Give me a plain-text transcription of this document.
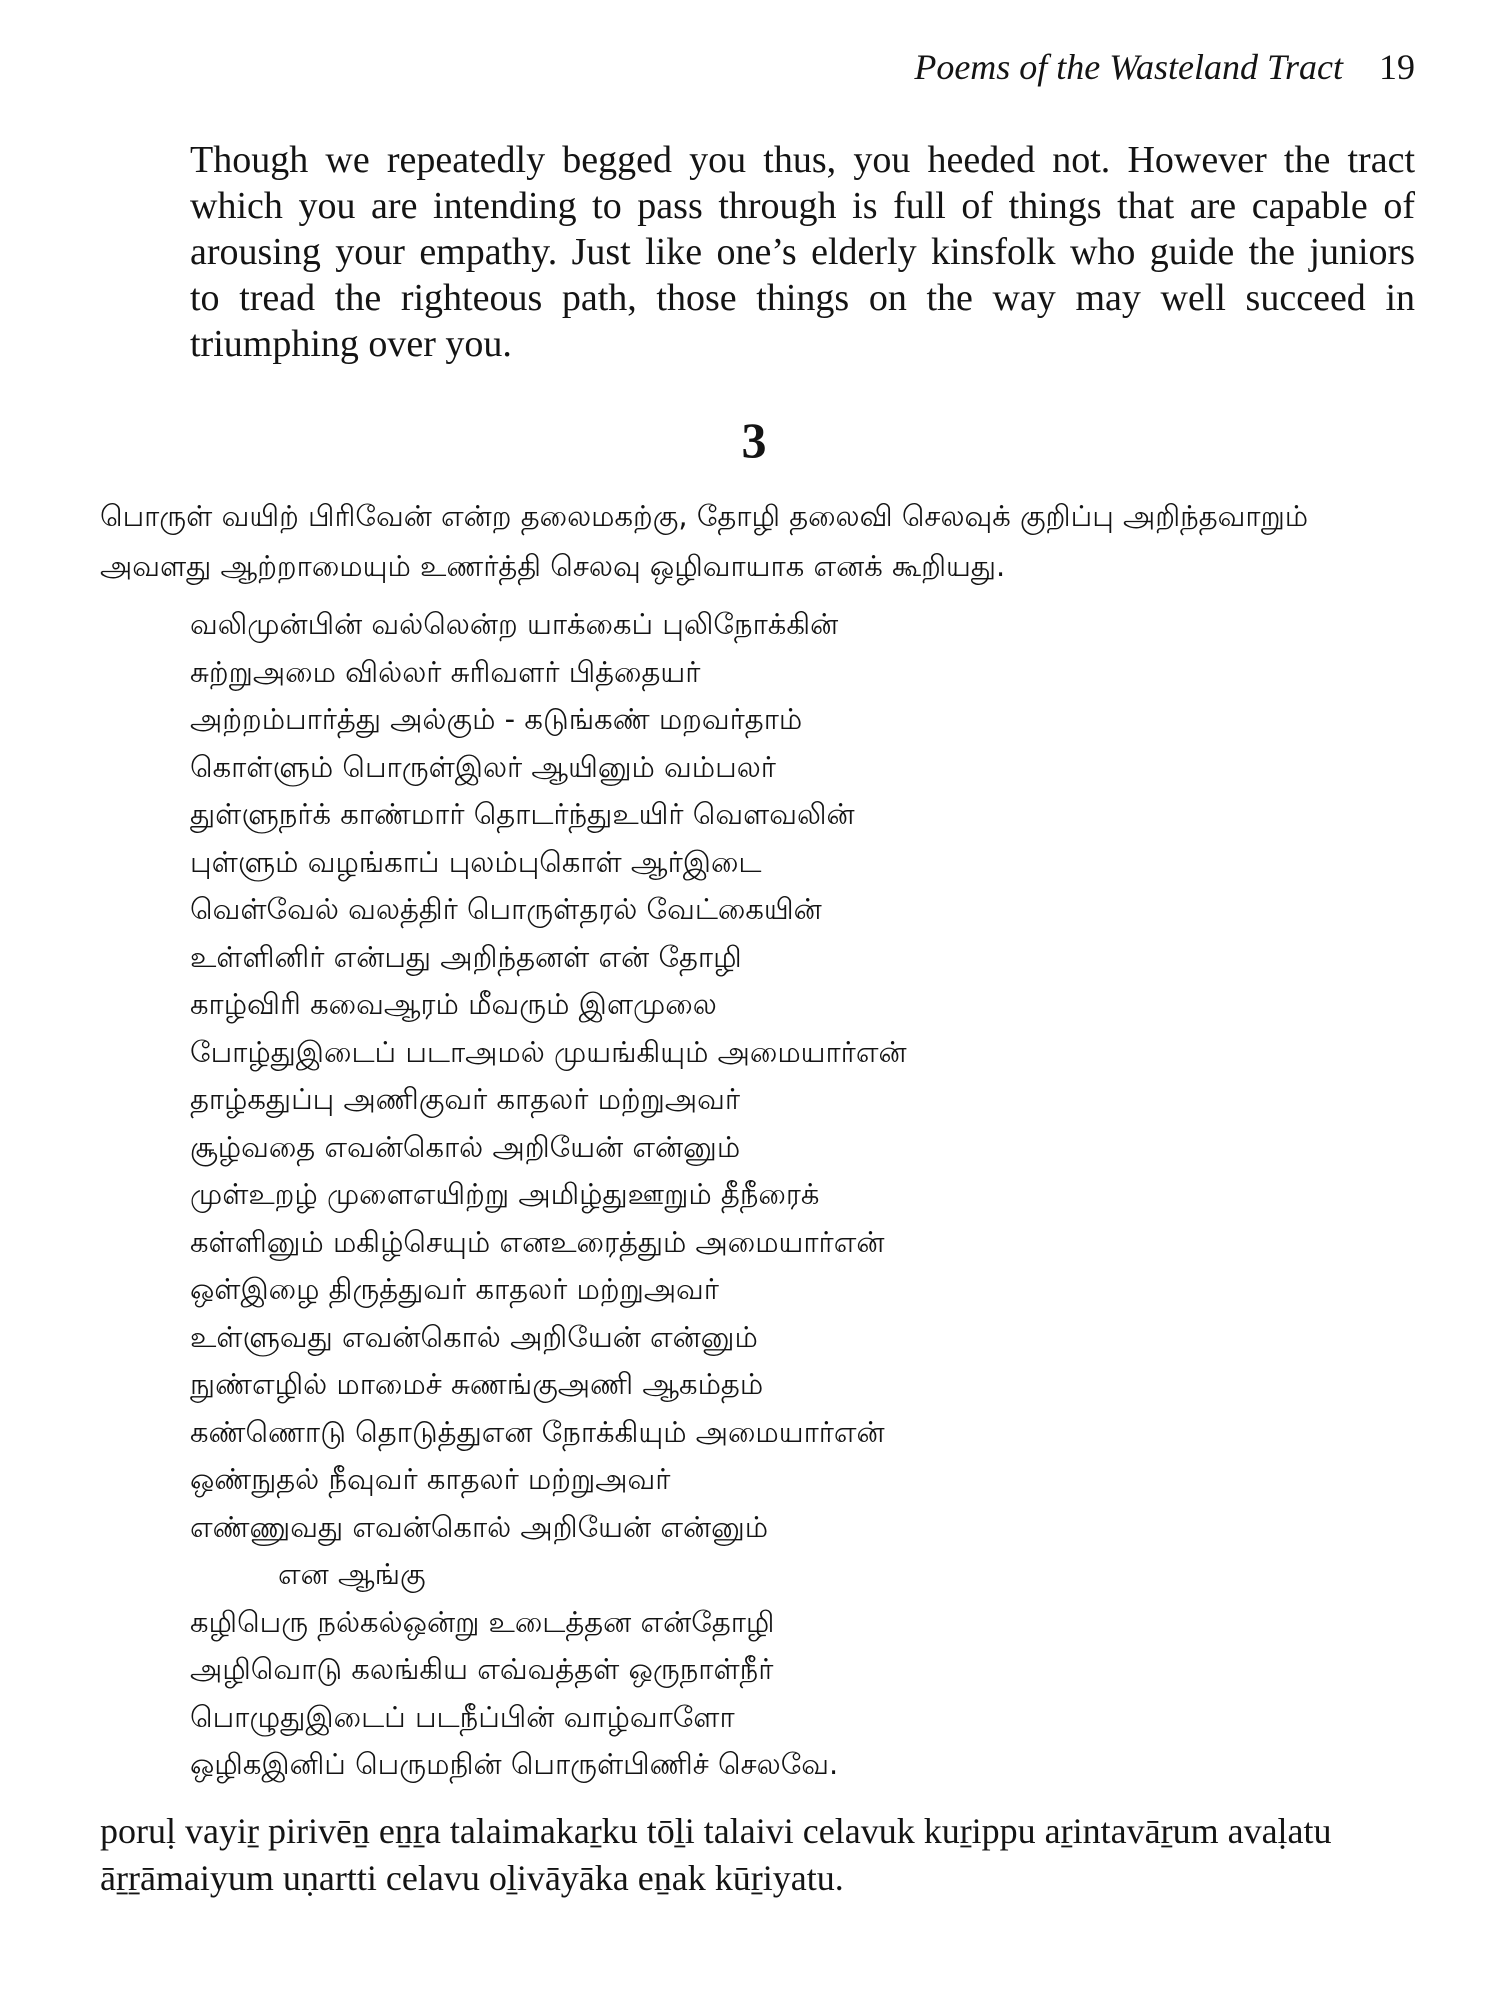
Poems of the Wasteland Tract 19
Though we repeatedly begged you thus, you heeded not. However the tract
which you are intending to pass through is full of things that are capable of
arousing your empathy. Just like one’s elderly kinsfolk who guide the juniors
to tread the righteous path, those things on the way may well succeed in
triumphing over you.
3
பொருள் வயிற் பிரிவேன் என்ற தலைமகற்கு, தோழி தலைவி செலவுக் குறிப்பு அறிந்தவாறும்
அவளது ஆற்றாமையும் உணர்த்தி செலவு ஒழிவாயாக எனக் கூறியது.
வலிமுன்பின் வல்லென்ற யாக்கைப் புலிநோக்கின்
சுற்றுஅமை வில்லர் சுரிவளர் பித்தையர்
அற்றம்பார்த்து அல்கும் - கடுங்கண் மறவர்தாம்
கொள்ளும் பொருள்இலர் ஆயினும் வம்பலர்
துள்ளுநர்க் காண்மார் தொடர்ந்துஉயிர் வௌவலின்
புள்ளும் வழங்காப் புலம்புகொள் ஆர்இடை
வெள்வேல் வலத்திர் பொருள்தரல் வேட்கையின்
உள்ளினிர் என்பது அறிந்தனள் என் தோழி
காழ்விரி கவைஆரம் மீவரும் இளமுலை
போழ்துஇடைப் படாஅமல் முயங்கியும் அமையார்என்
தாழ்கதுப்பு அணிகுவர் காதலர் மற்றுஅவர்
சூழ்வதை எவன்கொல் அறியேன் என்னும்
முள்உறழ் முளைஎயிற்று அமிழ்துஊறும் தீநீரைக்
கள்ளினும் மகிழ்செயும் எனஉரைத்தும் அமையார்என்
ஒள்இழை திருத்துவர் காதலர் மற்றுஅவர்
உள்ளுவது எவன்கொல் அறியேன் என்னும்
நுண்எழில் மாமைச் சுணங்குஅணி ஆகம்தம்
கண்ணொடு தொடுத்துஎன நோக்கியும் அமையார்என்
ஒண்நுதல் நீவுவர் காதலர் மற்றுஅவர்
எண்ணுவது எவன்கொல் அறியேன் என்னும்
என ஆங்கு
கழிபெரு நல்கல்ஒன்று உடைத்தன என்தோழி
அழிவொடு கலங்கிய எவ்வத்தள் ஒருநாள்நீர்
பொழுதுஇடைப் படநீப்பின் வாழ்வாளோ
ஒழிகஇனிப் பெருமநின் பொருள்பிணிச் செலவே.
poruḷ vayiṟ pirivēṉ eṉṟa talaimakaṟku tōḻi talaivi celavuk kuṟippu aṟintavāṟum avaḷatu
āṟṟāmaiyum uṇartti celavu oḻivāyāka eṉak kūṟiyatu.
